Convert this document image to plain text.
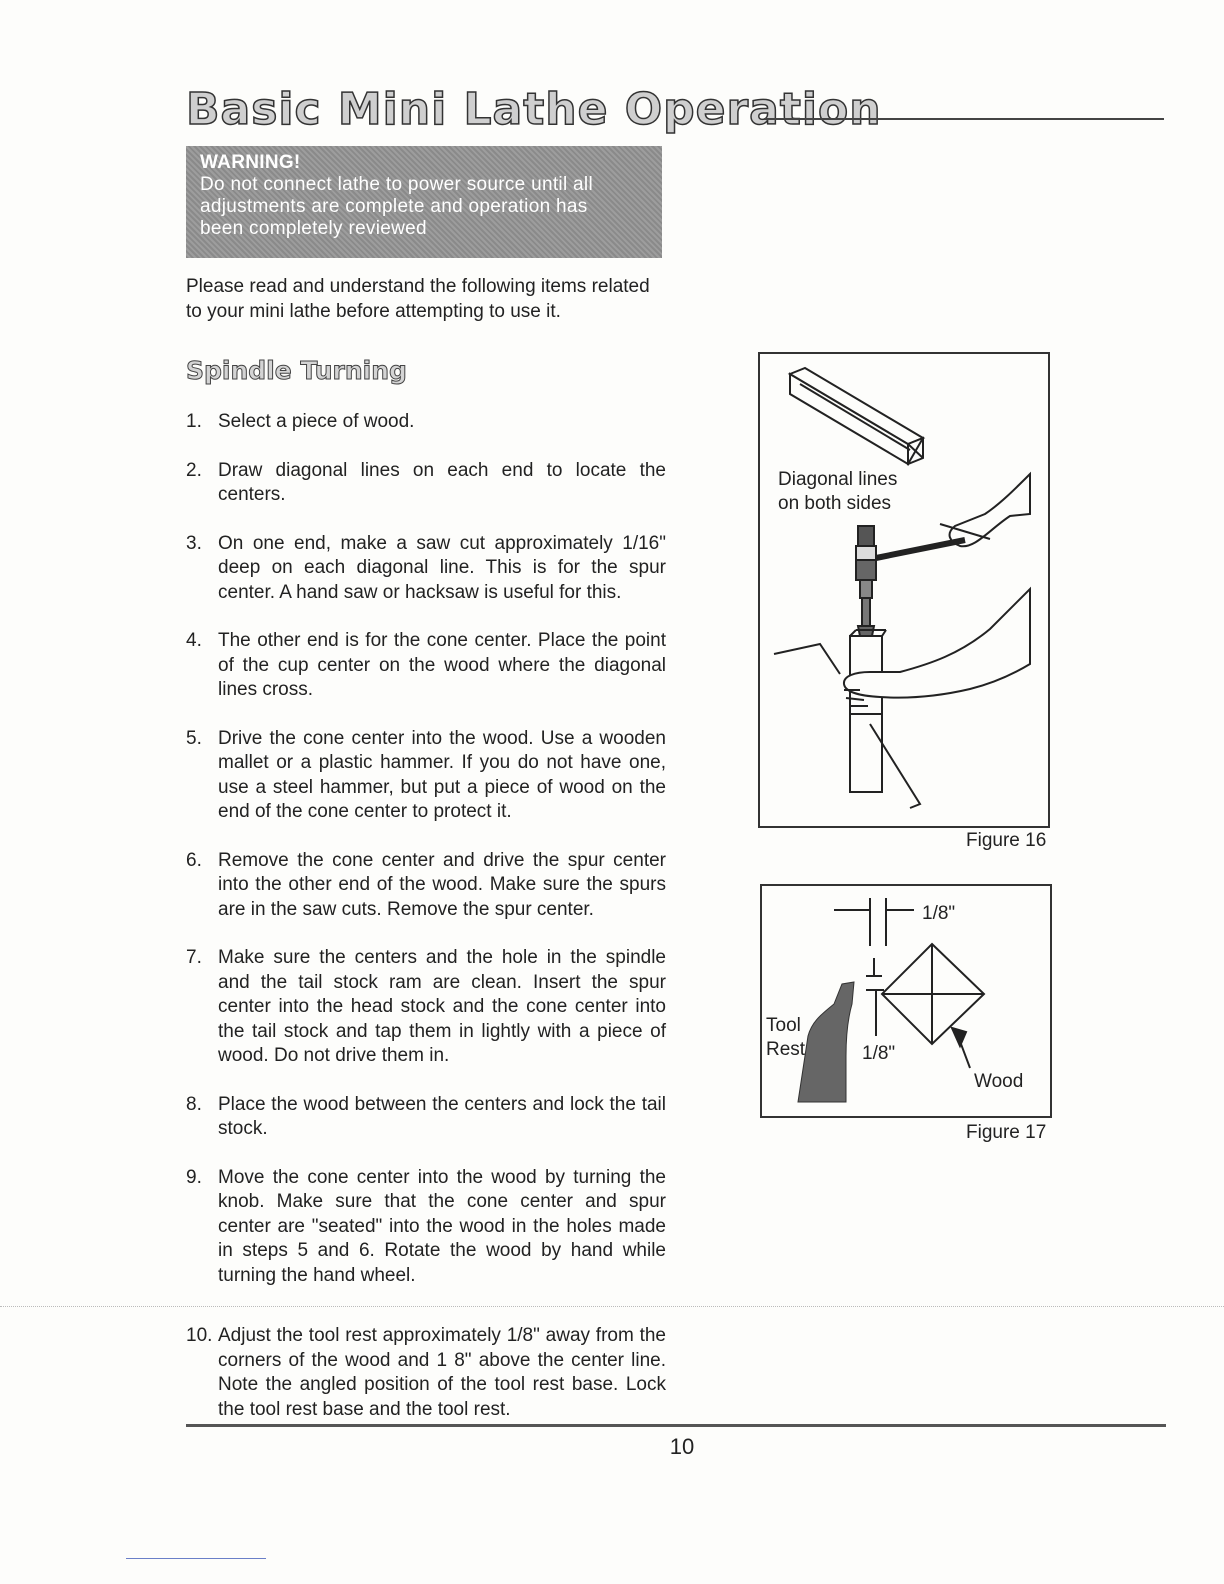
Basic Mini Lathe Operation
WARNING!
Do not connect lathe to power source until all
adjustments are complete and operation has
been completely reviewed
Please read and understand the following items related
to your mini lathe before attempting to use it.
Spindle Turning
1. Select a piece of wood.
2. Draw diagonal lines on each end to locate the centers.
3. On one end, make a saw cut approximately 1/16" deep on each diagonal line. This is for the spur center. A hand saw or hacksaw is useful for this.
4. The other end is for the cone center. Place the point of the cup center on the wood where the diagonal lines cross.
5. Drive the cone center into the wood. Use a wooden mallet or a plastic hammer. If you do not have one, use a steel hammer, but put a piece of wood on the end of the cone center to protect it.
6. Remove the cone center and drive the spur center into the other end of the wood. Make sure the spurs are in the saw cuts. Remove the spur center.
7. Make sure the centers and the hole in the spindle and the tail stock ram are clean. Insert the spur center into the head stock and the cone center into the tail stock and tap them in lightly with a piece of wood. Do not drive them in.
8. Place the wood between the centers and lock the tail stock.
9. Move the cone center into the wood by turning the knob. Make sure that the cone center and spur center are "seated" into the wood in the holes made in steps 5 and 6. Rotate the wood by hand while turning the hand wheel.
10. Adjust the tool rest approximately 1/8" away from the corners of the wood and 1 8" above the center line. Note the angled position of the tool rest base. Lock the tool rest base and the tool rest.
Diagonal lines
on both sides
Figure 16
1/8"
1/8"
Tool
Rest
Wood
Figure 17
10
